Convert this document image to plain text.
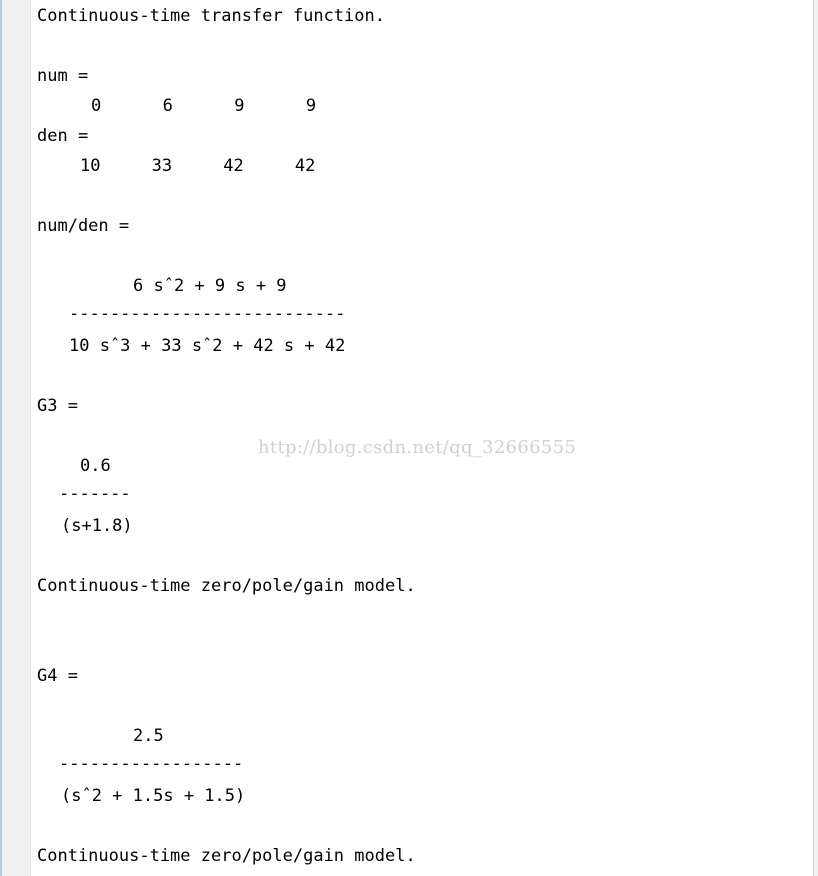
Continuous-time transfer function.
num =
0      6      9      9
den =
10     33     42     42
num/den =
6 sˆ2 + 9 s + 9
---------------------------
10 sˆ3 + 33 sˆ2 + 42 s + 42
G3 =
0.6
-------
(s+1.8)
Continuous-time zero/pole/gain model.
G4 =
2.5
------------------
(sˆ2 + 1.5s + 1.5)
Continuous-time zero/pole/gain model.
http://blog.csdn.net/qq_32666555
